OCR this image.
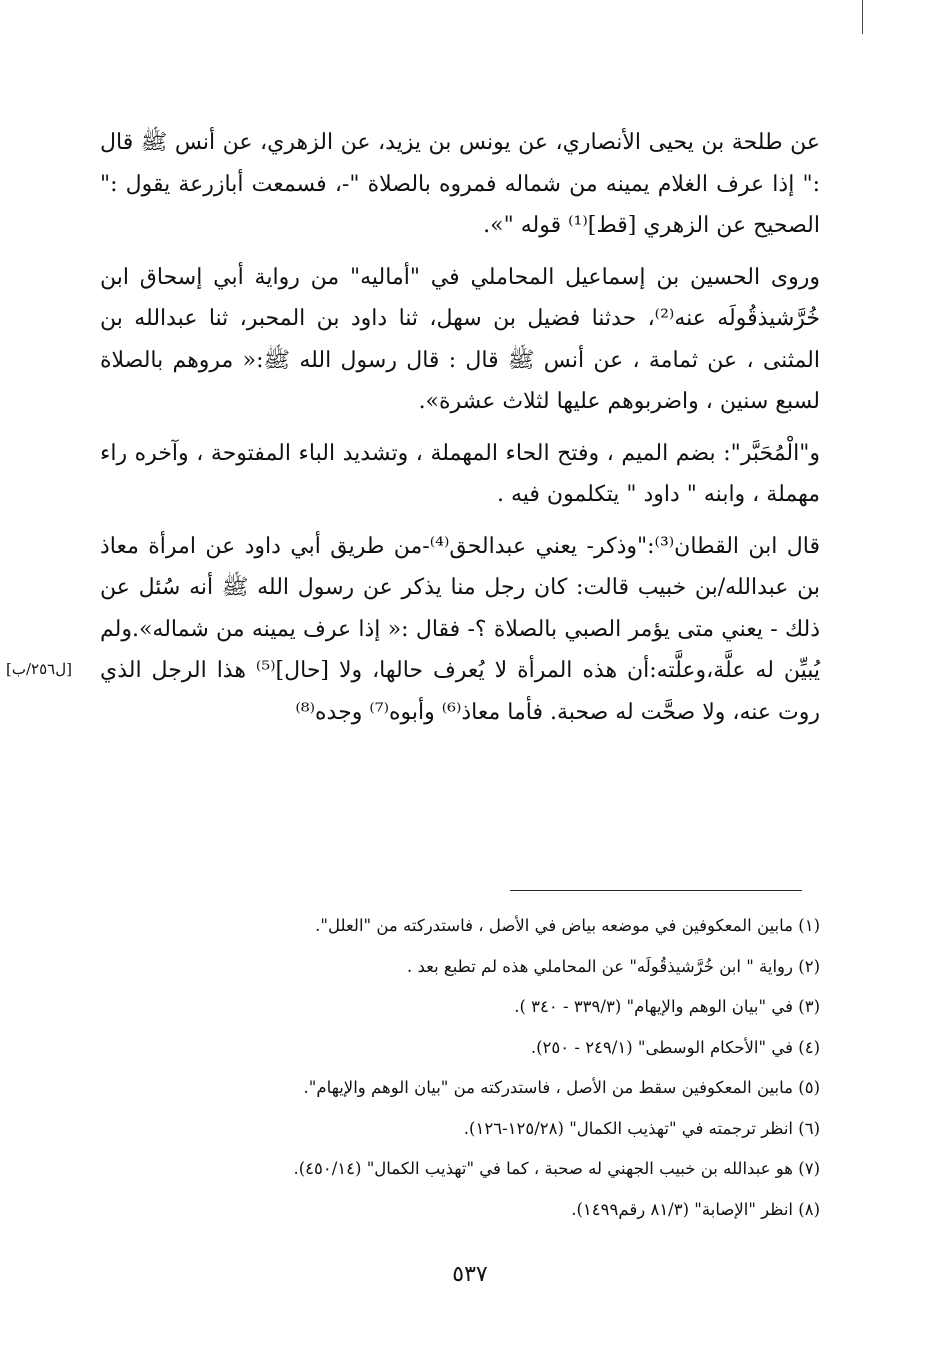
عن طلحة بن يحيى الأنصاري، عن يونس بن يزيد، عن الزهري، عن أنس ﷺ قال :" إذا عرف الغلام يمينه من شماله فمروه بالصلاة "-، فسمعت أبازرعة يقول :" الصحيح عن الزهري [قط]⁽¹⁾ قوله "».

وروى الحسين بن إسماعيل المحاملي في "أماليه" من رواية أبي إسحاق ابن خُرَّشيذقُولَه عنه⁽²⁾، حدثنا فضيل بن سهل، ثنا داود بن المحبر، ثنا عبدالله بن المثنى ، عن ثمامة ، عن أنس ﷺ قال : قال رسول الله ﷺ:« مروهم بالصلاة لسبع سنين ، واضربوهم عليها لثلاث عشرة».

و"الْمُحَبَّر": بضم الميم ، وفتح الحاء المهملة ، وتشديد الباء المفتوحة ، وآخره راء مهملة ، وابنه " داود " يتكلمون فيه .

قال ابن القطان⁽³⁾:"وذكر- يعني عبدالحق⁽⁴⁾-من طريق أبي داود عن امرأة معاذ بن عبدالله/بن خبيب قالت: كان رجل منا يذكر عن رسول الله ﷺ أنه سُئل عن ذلك - يعني متى يؤمر الصبي بالصلاة ؟- فقال :« إذا عرف يمينه من شماله».ولم يُبيِّن له علَّة،وعلَّته:أن هذه المرأة لا يُعرف حالها، ولا [حال]⁽⁵⁾ هذا الرجل الذي روت عنه، ولا صحَّت له صحبة. فأما معاذ⁽⁶⁾ وأبوه⁽⁷⁾ وجده⁽⁸⁾

[ل٢٥٦/ب]
(١) مابين المعكوفين في موضعه بياض في الأصل ، فاستدركته من "العلل".
(٢) رواية " ابن خُرَّشيذقُولَه" عن المحاملي هذه لم تطبع بعد .
(٣) في "بيان الوهم والإيهام" (٣٣٩/٣ - ٣٤٠ ).
(٤) في "الأحكام الوسطى" (٢٤٩/١ - ٢٥٠).
(٥) مابين المعكوفين سقط من الأصل ، فاستدركته من "بيان الوهم والإيهام".
(٦) انظر ترجمته في "تهذيب الكمال" (١٢٥/٢٨-١٢٦).
(٧) هو عبدالله بن خبيب الجهني له صحبة ، كما في "تهذيب الكمال" (٤٥٠/١٤).
(٨) انظر "الإصابة" (٨١/٣ رقم١٤٩٩).
٥٣٧
